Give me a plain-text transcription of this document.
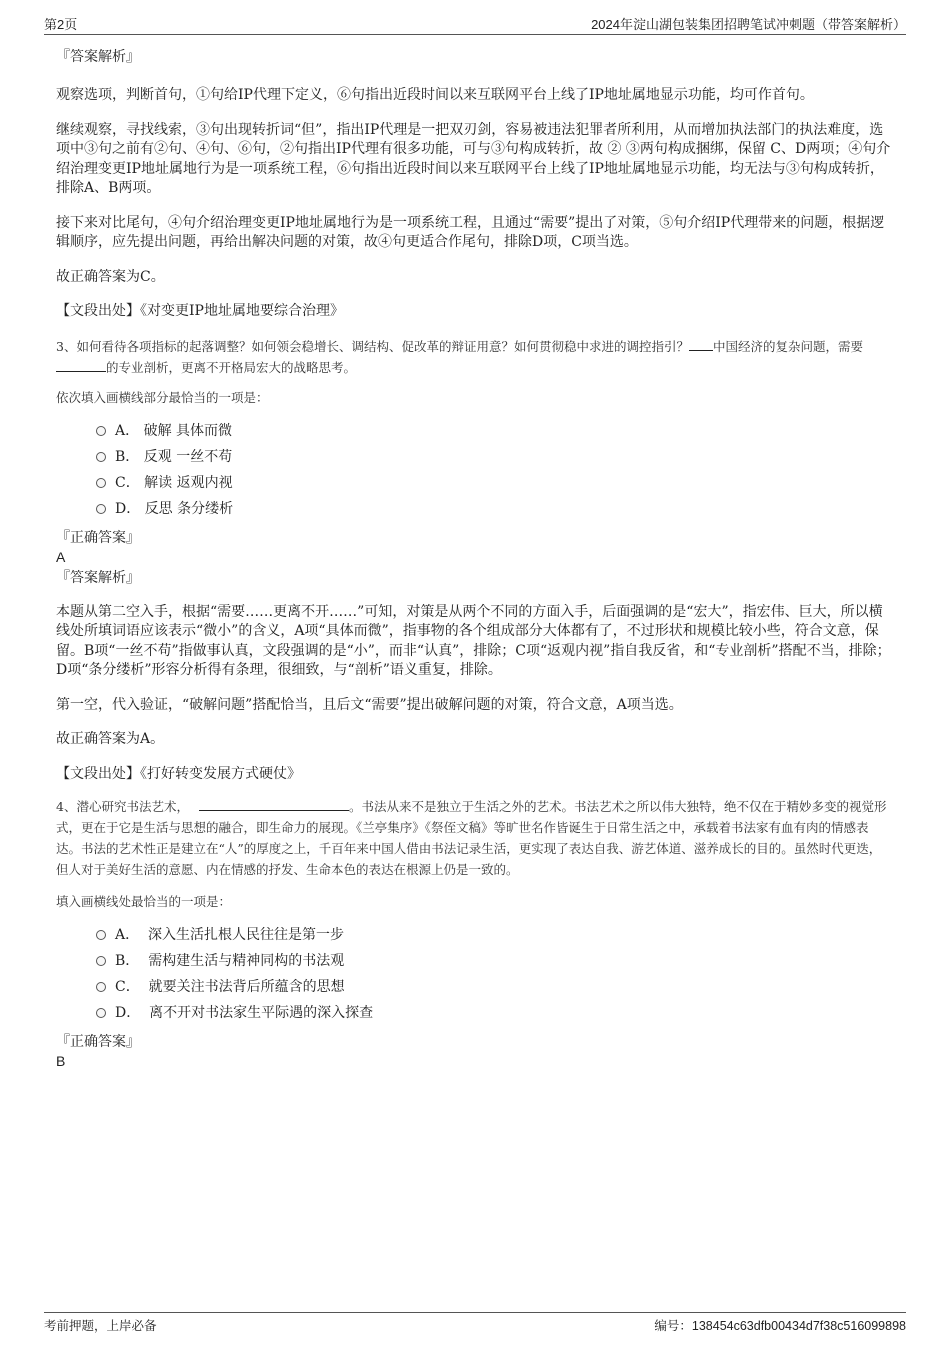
第2页	2024年淀山湖包装集团招聘笔试冲刺题（带答案解析）

『答案解析』

观察选项，判断首句，①句给IP代理下定义，⑥句指出近段时间以来互联网平台上线了IP地址属地显示功能，均可作首句。

继续观察，寻找线索，③句出现转折词“但”，指出IP代理是一把双刃剑，容易被违法犯罪者所利用，从而增加执法部门的执法难度，选项中③句之前有②句、④句、⑥句，②句指出IP代理有很多功能，可与③句构成转折，故 ② ③两句构成捆绑，保留 C、D两项；④句介绍治理变更IP地址属地行为是一项系统工程，⑥句指出近段时间以来互联网平台上线了IP地址属地显示功能，均无法与③句构成转折，排除A、B两项。

接下来对比尾句，④句介绍治理变更IP地址属地行为是一项系统工程，且通过“需要”提出了对策，⑤句介绍IP代理带来的问题，根据逻辑顺序，应先提出问题，再给出解决问题的对策，故④句更适合作尾句，排除D项，C项当选。

故正确答案为C。

【文段出处】《对变更IP地址属地要综合治理》

3、如何看待各项指标的起落调整？如何领会稳增长、调结构、促改革的辩证用意？如何贯彻稳中求进的调控指引？ 中国经济的复杂问题，需要的专业剖析，更离不开格局宏大的战略思考。

依次填入画横线部分最恰当的一项是：

A． 破解 具体而微
B． 反观 一丝不苟
C． 解读 返观内视
D． 反思 条分缕析

『正确答案』

A

『答案解析』

本题从第二空入手，根据“需要……更离不开……”可知，对策是从两个不同的方面入手，后面强调的是“宏大”，指宏伟、巨大，所以横线处所填词语应该表示“微小”的含义，A项“具体而微”，指事物的各个组成部分大体都有了，不过形状和规模比较小些，符合文意，保留。B项“一丝不苟”指做事认真，文段强调的是“小”，而非“认真”，排除；C项“返观内视”指自我反省，和“专业剖析”搭配不当，排除；D项“条分缕析”形容分析得有条理，很细致，与“剖析”语义重复，排除。

第一空，代入验证，“破解问题”搭配恰当，且后文“需要”提出破解问题的对策，符合文意，A项当选。

故正确答案为A。

【文段出处】《打好转变发展方式硬仗》

4、潜心研究书法艺术，	。书法从来不是独立于生活之外的艺术。书法艺术之所以伟大独特，绝不仅在于精妙多变的视觉形式，更在于它是生活与思想的融合，即生命力的展现。《兰亭集序》《祭侄文稿》等旷世名作皆诞生于日常生活之中，承载着书法家有血有肉的情感表达。书法的艺术性正是建立在“人”的厚度之上，千百年来中国人借由书法记录生活，更实现了表达自我、游艺体道、滋养成长的目的。虽然时代更迭，但人对于美好生活的意愿、内在情感的抒发、生命本色的表达在根源上仍是一致的。

填入画横线处最恰当的一项是：

A． 深入生活扎根人民往往是第一步
B． 需构建生活与精神同构的书法观
C． 就要关注书法背后所蕴含的思想
D． 离不开对书法家生平际遇的深入探查

『正确答案』

B

考前押题，上岸必备	编号：138454c63dfb00434d7f38c516099898
